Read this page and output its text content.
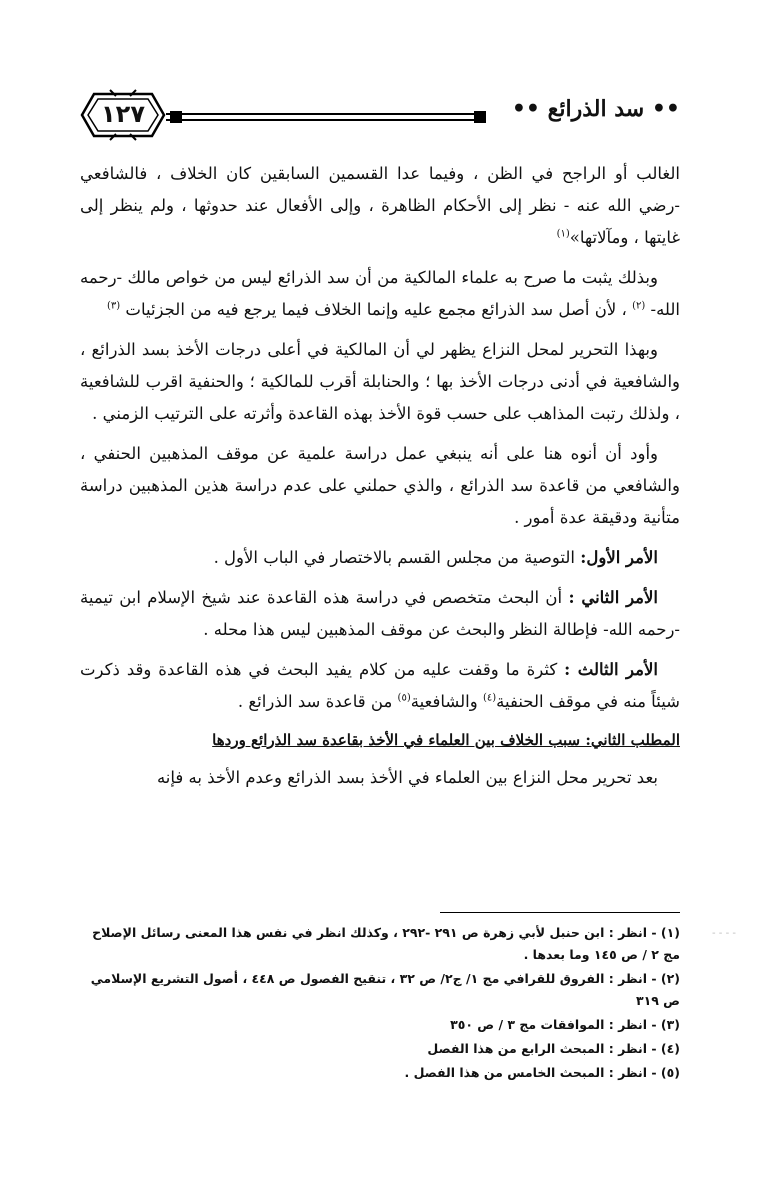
١٢٧	•• سد الذرائع ••

الغالب أو الراجح في الظن ، وفيما عدا القسمين السابقين كان الخلاف ، فالشافعي -رضي الله عنه - نظر إلى الأحكام الظاهرة ، وإلى الأفعال عند حدوثها ، ولم ينظر إلى غايتها ، ومآلاتها»$^{(١)}$

وبذلك يثبت ما صرح به علماء المالكية من أن سد الذرائع ليس من خواص مالك -رحمه الله- $^{(٢)}$ ، لأن أصل سد الذرائع مجمع عليه وإنما الخلاف فيما يرجع فيه من الجزئيات $^{(٣)}$

وبهذا التحرير لمحل النزاع يظهر لي أن المالكية في أعلى درجات الأخذ بسد الذرائع ، والشافعية في أدنى درجات الأخذ بها ؛ والحنابلة أقرب للمالكية ؛ والحنفية اقرب للشافعية ، ولذلك رتبت المذاهب على حسب قوة الأخذ بهذه القاعدة وأثرته على الترتيب الزمني .

وأود أن أنوه هنا على أنه ينبغي عمل دراسة علمية عن موقف المذهبين الحنفي ، والشافعي من قاعدة سد الذرائع ، والذي حملني على عدم دراسة هذين المذهبين دراسة متأنية ودقيقة عدة أمور .

الأمر الأول: التوصية من مجلس القسم بالاختصار في الباب الأول .

الأمر الثاني : أن البحث متخصص في دراسة هذه القاعدة عند شيخ الإسلام ابن تيمية -رحمه الله- فإطالة النظر والبحث عن موقف المذهبين ليس هذا محله .

الأمر الثالث : كثرة ما وقفت عليه من كلام يفيد البحث في هذه القاعدة وقد ذكرت شيئاً منه في موقف الحنفية$^{(٤)}$ والشافعية$^{(٥)}$ من قاعدة سد الذرائع .

المطلب الثاني: سبب الخلاف بين العلماء في الأخذ بقاعدة سد الذرائع وردها

بعد تحرير محل النزاع بين العلماء في الأخذ بسد الذرائع وعدم الأخذ به فإنه

- - - -
(١) - انظر : ابن حنبل لأبي زهرة ص ٢٩١ -٢٩٢ ، وكذلك انظر في نفس هذا المعنى رسائل الإصلاح مج ٢ / ص ١٤٥ وما بعدها .
(٢) - انظر : الفروق للقرافي مج ١/ ج٢/ ص ٣٢ ، تنقيح الفصول ص ٤٤٨ ، أصول التشريع الإسلامي ص ٣١٩
(٣) - انظر : الموافقات مج ٣ / ص ٣٥٠
(٤) - انظر : المبحث الرابع من هذا الفصل
(٥) - انظر : المبحث الخامس من هذا الفصل .
